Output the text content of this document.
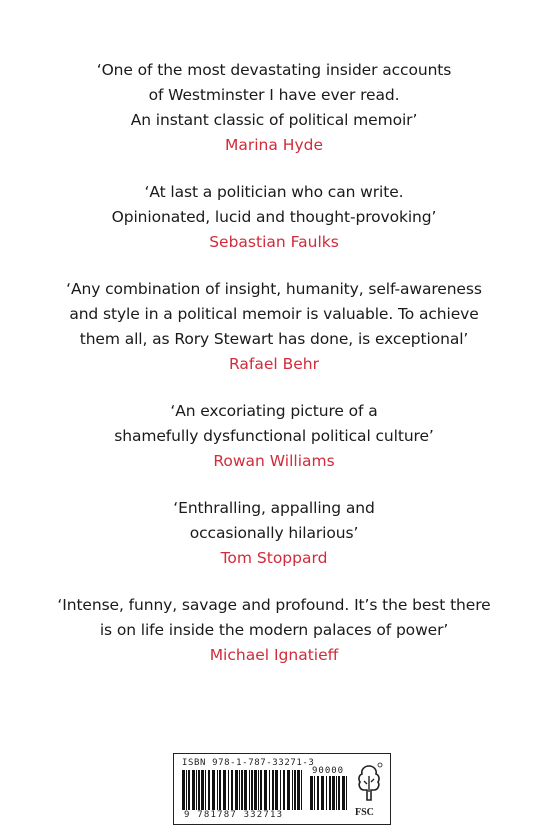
‘One of the most devastating insider accounts
of Westminster I have ever read.
An instant classic of political memoir’
Marina Hyde
‘At last a politician who can write.
Opinionated, lucid and thought-provoking’
Sebastian Faulks
‘Any combination of insight, humanity, self-awareness
and style in a political memoir is valuable. To achieve
them all, as Rory Stewart has done, is exceptional’
Rafael Behr
‘An excoriating picture of a
shamefully dysfunctional political culture’
Rowan Williams
‘Enthralling, appalling and
occasionally hilarious’
Tom Stoppard
‘Intense, funny, savage and profound. It’s the best there
is on life inside the modern palaces of power’
Michael Ignatieff
ISBN 978-1-787-33271-3
90000
9 781787 332713	FSC
